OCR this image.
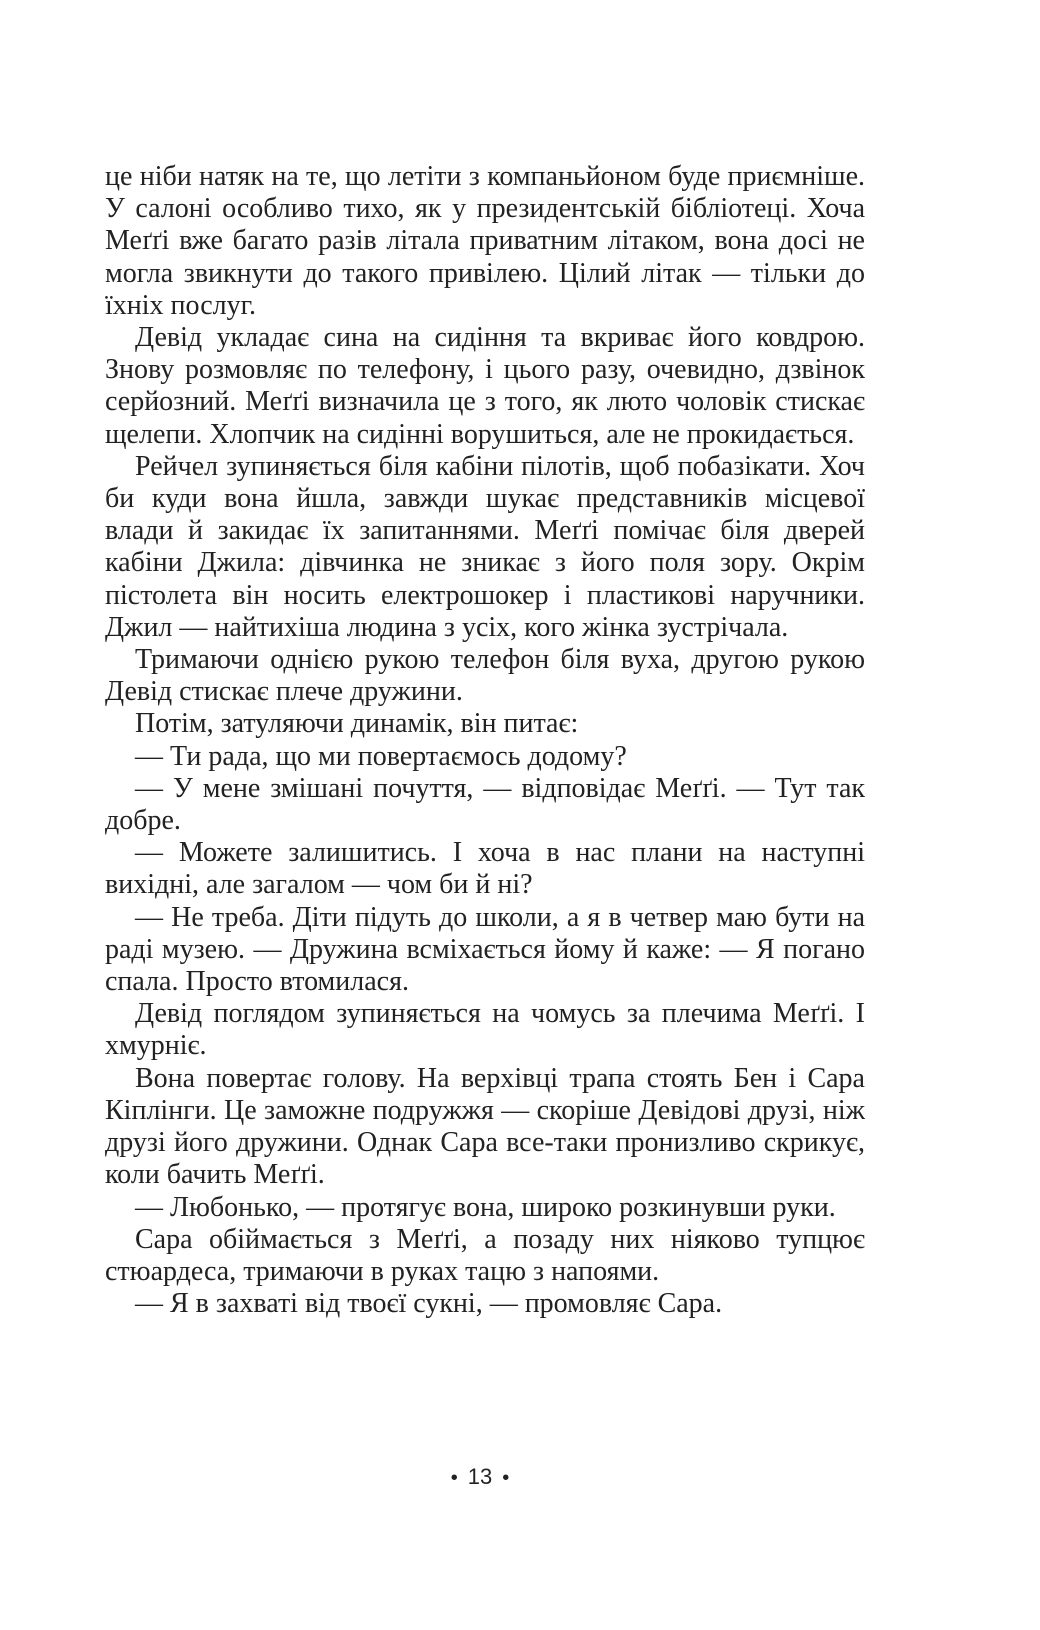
це ніби натяк на те, що летіти з компаньйоном буде приємніше. У салоні особливо тихо, як у президентській бібліотеці. Хоча Меґґі вже багато разів літала приватним літаком, вона досі не могла звикнути до такого привілею. Цілий літак — тільки до їхніх послуг.

Девід укладає сина на сидіння та вкриває його ковдрою. Знову розмовляє по телефону, і цього разу, очевидно, дзвінок серйозний. Меґґі визначила це з того, як люто чоловік стискає щелепи. Хлопчик на сидінні ворушиться, але не прокидається.

Рейчел зупиняється біля кабіни пілотів, щоб побазікати. Хоч би куди вона йшла, завжди шукає представників місцевої влади й закидає їх запитаннями. Меґґі помічає біля дверей кабіни Джила: дівчинка не зникає з його поля зору. Окрім пістолета він носить електрошокер і пластикові наручники. Джил — найтихіша людина з усіх, кого жінка зустрічала.

Тримаючи однією рукою телефон біля вуха, другою рукою Девід стискає плече дружини.

Потім, затуляючи динамік, він питає:

— Ти рада, що ми повертаємось додому?

— У мене змішані почуття, — відповідає Меґґі. — Тут так добре.

— Можете залишитись. І хоча в нас плани на наступні вихідні, але загалом — чом би й ні?

— Не треба. Діти підуть до школи, а я в четвер маю бути на раді музею. — Дружина всміхається йому й каже: — Я погано спала. Просто втомилася.

Девід поглядом зупиняється на чомусь за плечима Меґґі. І хмурніє.

Вона повертає голову. На верхівці трапа стоять Бен і Сара Кіплінги. Це заможне подружжя — скоріше Девідові друзі, ніж друзі його дружини. Однак Сара все-таки пронизливо скрикує, коли бачить Меґґі.

— Любонько, — протягує вона, широко розкинувши руки.

Сара обіймається з Меґґі, а позаду них ніяково тупцює стюардеса, тримаючи в руках тацю з напоями.

— Я в захваті від твоєї сукні, — промовляє Сара.

• 13 •
